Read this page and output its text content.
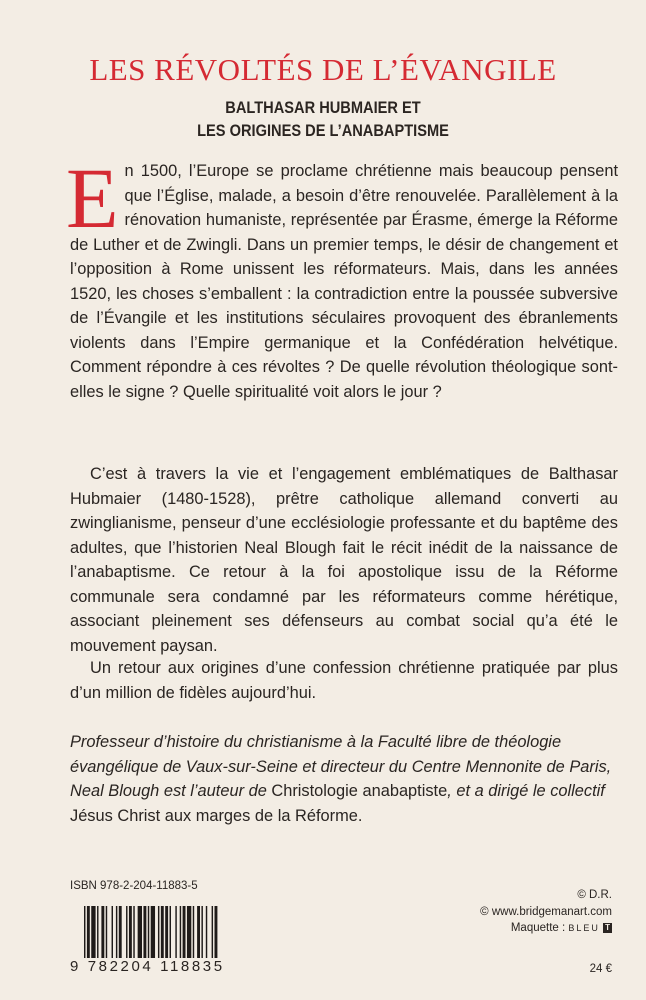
LES RÉVOLTÉS DE L’ÉVANGILE
BALTHASAR HUBMAIER ET
LES ORIGINES DE L’ANABAPTISME
E n 1500, l’Europe se proclame chrétienne mais beaucoup pensent que l’Église, malade, a besoin d’être renouvelée. Parallèlement à la rénovation humaniste, représentée par Érasme, émerge la Réforme de Luther et de Zwingli. Dans un premier temps, le désir de changement et l’opposition à Rome unissent les réformateurs. Mais, dans les années 1520, les choses s’emballent : la contradiction entre la poussée subversive de l’Évangile et les institutions séculaires provoquent des ébranlements violents dans l’Empire germanique et la Confédération helvétique. Comment répondre à ces révoltes ? De quelle révolution théologique sont-elles le signe ? Quelle spiritualité voit alors le jour ?
C’est à travers la vie et l’engagement emblématiques de Balthasar Hubmaier (1480-1528), prêtre catholique allemand converti au zwinglianisme, penseur d’une ecclésiologie professante et du baptême des adultes, que l’historien Neal Blough fait le récit inédit de la naissance de l’anabaptisme. Ce retour à la foi apostolique issu de la Réforme communale sera condamné par les réformateurs comme hérétique, associant pleinement ses défenseurs au combat social qu’a été le mouvement paysan.
Un retour aux origines d’une confession chrétienne pratiquée par plus d’un million de fidèles aujourd’hui.
Professeur d’histoire du christianisme à la Faculté libre de théologie évangélique de Vaux-sur-Seine et directeur du Centre Mennonite de Paris, Neal Blough est l’auteur de Christologie anabaptiste, et a dirigé le collectif Jésus Christ aux marges de la Réforme.
ISBN 978-2-204-11883-5
9 782204 118835
© D.R.
© www.bridgemanart.com
Maquette : BLEU T
24 €
